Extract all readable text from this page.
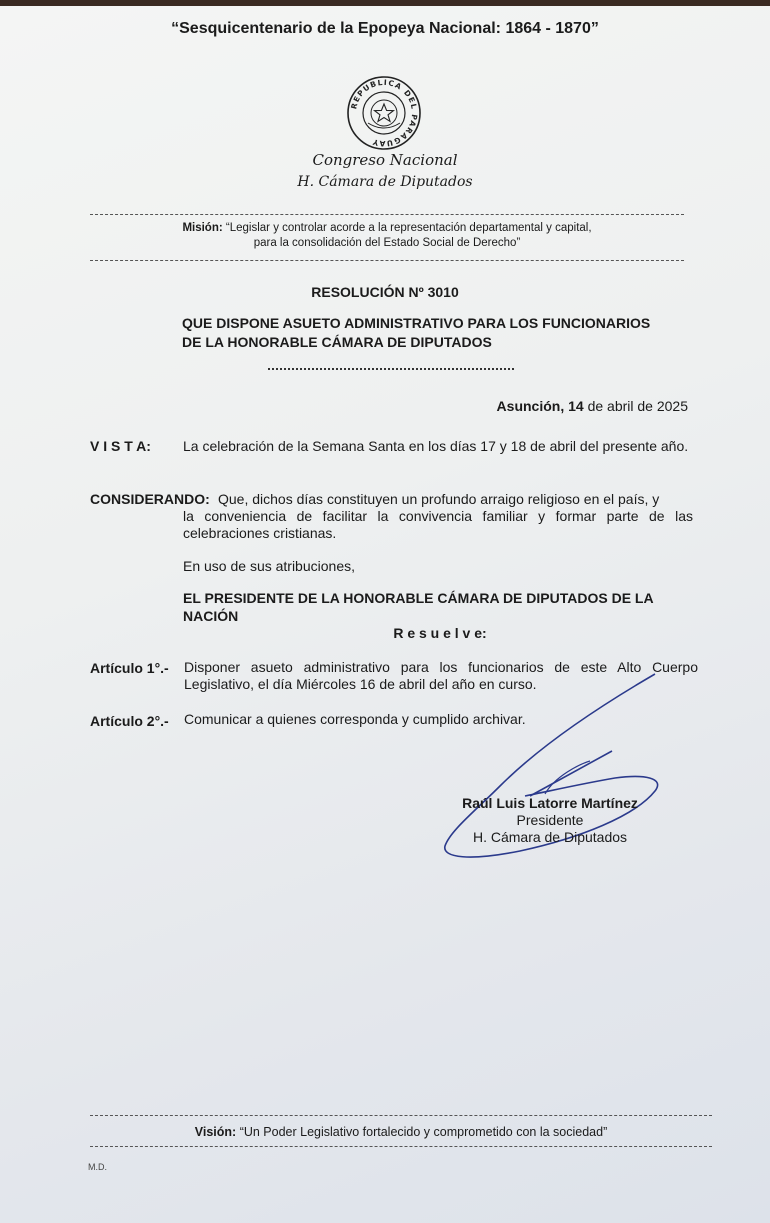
“Sesquicentenario de la Epopeya Nacional: 1864 - 1870”
REPUBLICA DEL PARAGUAY
Congreso Nacional
H. Cámara de Diputados
Misión: “Legislar y controlar acorde a la representación departamental y capital,
para la consolidación del Estado Social de Derecho”
RESOLUCIÓN Nº 3010
QUE DISPONE ASUETO ADMINISTRATIVO PARA LOS FUNCIONARIOS
DE LA HONORABLE CÁMARA DE DIPUTADOS
Asunción, 14 de abril de 2025
V I S T A: La celebración de la Semana Santa en los días 17 y 18 de abril del presente año.
CONSIDERANDO: Que, dichos días constituyen un profundo arraigo religioso en el país, y
la conveniencia de facilitar la convivencia familiar y formar parte de las celebraciones cristianas.
En uso de sus atribuciones,
EL PRESIDENTE DE LA HONORABLE CÁMARA DE DIPUTADOS DE LA NACIÓN
R e s u e l v e:
Artículo 1°.- Disponer asueto administrativo para los funcionarios de este Alto Cuerpo Legislativo, el día Miércoles 16 de abril del año en curso.
Artículo 2°.- Comunicar a quienes corresponda y cumplido archivar.
Raúl Luis Latorre Martínez
Presidente
H. Cámara de Diputados
Visión: “Un Poder Legislativo fortalecido y comprometido con la sociedad”
M.D.
